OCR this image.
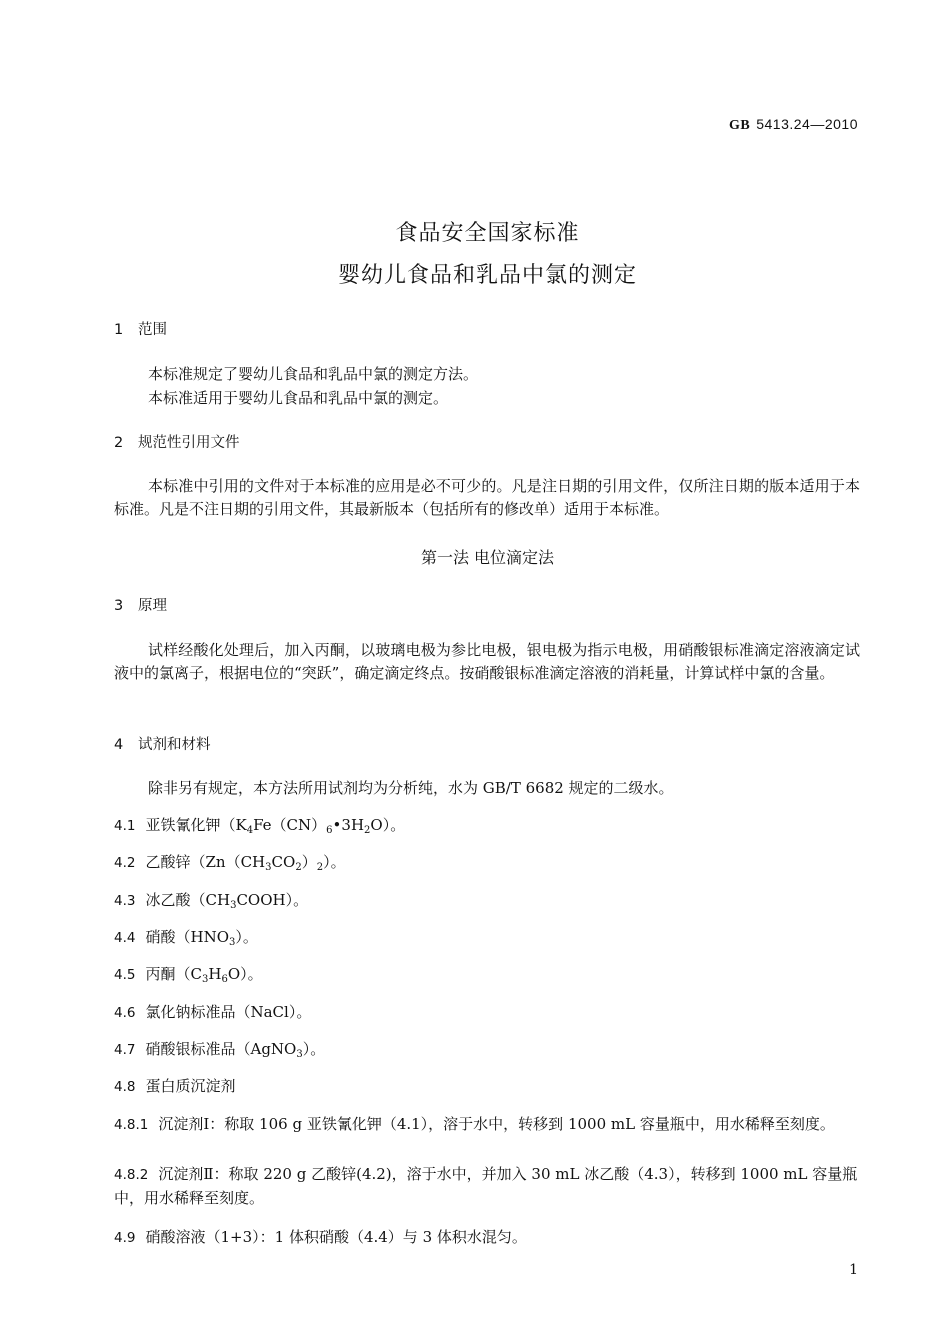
GB 5413.24—2010
食品安全国家标准
婴幼儿食品和乳品中氯的测定
1 范围
本标准规定了婴幼儿食品和乳品中氯的测定方法。
本标准适用于婴幼儿食品和乳品中氯的测定。
2 规范性引用文件
本标准中引用的文件对于本标准的应用是必不可少的。凡是注日期的引用文件，仅所注日期的版本适用于本标准。凡是不注日期的引用文件，其最新版本（包括所有的修改单）适用于本标准。
第一法 电位滴定法
3 原理
试样经酸化处理后，加入丙酮，以玻璃电极为参比电极，银电极为指示电极，用硝酸银标准滴定溶液滴定试液中的氯离子，根据电位的“突跃”，确定滴定终点。按硝酸银标准滴定溶液的消耗量，计算试样中氯的含量。
4 试剂和材料
除非另有规定，本方法所用试剂均为分析纯，水为 GB/T 6682 规定的二级水。
4.1 亚铁氰化钾$(K_4Fe(CN)_6•3H_2O)$。
4.2 乙酸锌$(Zn(CH_3CO_2)_2)$。
4.3 冰乙酸$(CH_3COOH)$。
4.4 硝酸$(HNO_3)$。
4.5 丙酮$(C_3H_6O)$。
4.6 氯化钠标准品（NaCl）。
4.7 硝酸银标准品（AgNO$_3$）。
4.8 蛋白质沉淀剂
4.8.1 沉淀剂Ⅰ：称取 106 g 亚铁氰化钾（4.1），溶于水中，转移到 1000 mL 容量瓶中，用水稀释至刻度。
4.8.2 沉淀剂Ⅱ：称取 220 g 乙酸锌(4.2)，溶于水中，并加入 30 mL 冰乙酸（4.3），转移到 1000 mL 容量瓶中，用水稀释至刻度。
4.9 硝酸溶液（1+3）：1 体积硝酸（4.4）与 3 体积水混匀。
1
